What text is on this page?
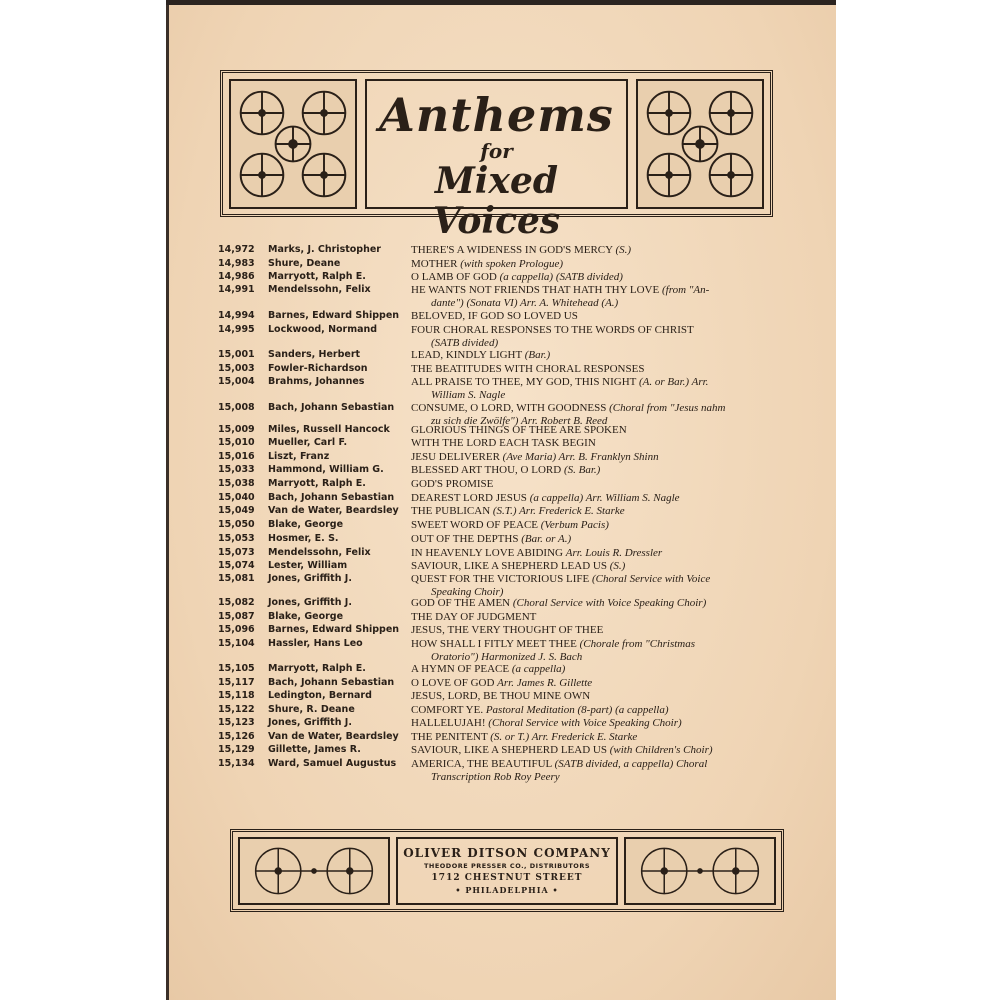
Anthems
for
Mixed Voices
14,972	Marks, J. Christopher	THERE'S A WIDENESS IN GOD'S MERCY (S.)
14,983	Shure, Deane	MOTHER (with spoken Prologue)
14,986	Marryott, Ralph E.	O LAMB OF GOD (a cappella) (SATB divided)
14,991	Mendelssohn, Felix	HE WANTS NOT FRIENDS THAT HATH THY LOVE (from "An-
dante") (Sonata VI) Arr. A. Whitehead (A.)
14,994	Barnes, Edward Shippen	BELOVED, IF GOD SO LOVED US
14,995	Lockwood, Normand	FOUR CHORAL RESPONSES TO THE WORDS OF CHRIST
(SATB divided)
15,001	Sanders, Herbert	LEAD, KINDLY LIGHT (Bar.)
15,003	Fowler-Richardson	THE BEATITUDES WITH CHORAL RESPONSES
15,004	Brahms, Johannes	ALL PRAISE TO THEE, MY GOD, THIS NIGHT (A. or Bar.) Arr.
William S. Nagle
15,008	Bach, Johann Sebastian	CONSUME, O LORD, WITH GOODNESS (Choral from "Jesus nahm
zu sich die Zwölfe") Arr. Robert B. Reed
15,009	Miles, Russell Hancock	GLORIOUS THINGS OF THEE ARE SPOKEN
15,010	Mueller, Carl F.	WITH THE LORD EACH TASK BEGIN
15,016	Liszt, Franz	JESU DELIVERER (Ave Maria) Arr. B. Franklyn Shinn
15,033	Hammond, William G.	BLESSED ART THOU, O LORD (S. Bar.)
15,038	Marryott, Ralph E.	GOD'S PROMISE
15,040	Bach, Johann Sebastian	DEAREST LORD JESUS (a cappella) Arr. William S. Nagle
15,049	Van de Water, Beardsley	THE PUBLICAN (S.T.) Arr. Frederick E. Starke
15,050	Blake, George	SWEET WORD OF PEACE (Verbum Pacis)
15,053	Hosmer, E. S.	OUT OF THE DEPTHS (Bar. or A.)
15,073	Mendelssohn, Felix	IN HEAVENLY LOVE ABIDING Arr. Louis R. Dressler
15,074	Lester, William	SAVIOUR, LIKE A SHEPHERD LEAD US (S.)
15,081	Jones, Griffith J.	QUEST FOR THE VICTORIOUS LIFE (Choral Service with Voice
Speaking Choir)
15,082	Jones, Griffith J.	GOD OF THE AMEN (Choral Service with Voice Speaking Choir)
15,087	Blake, George	THE DAY OF JUDGMENT
15,096	Barnes, Edward Shippen	JESUS, THE VERY THOUGHT OF THEE
15,104	Hassler, Hans Leo	HOW SHALL I FITLY MEET THEE (Chorale from "Christmas
Oratorio") Harmonized J. S. Bach
15,105	Marryott, Ralph E.	A HYMN OF PEACE (a cappella)
15,117	Bach, Johann Sebastian	O LOVE OF GOD Arr. James R. Gillette
15,118	Ledington, Bernard	JESUS, LORD, BE THOU MINE OWN
15,122	Shure, R. Deane	COMFORT YE. Pastoral Meditation (8-part) (a cappella)
15,123	Jones, Griffith J.	HALLELUJAH! (Choral Service with Voice Speaking Choir)
15,126	Van de Water, Beardsley	THE PENITENT (S. or T.) Arr. Frederick E. Starke
15,129	Gillette, James R.	SAVIOUR, LIKE A SHEPHERD LEAD US (with Children's Choir)
15,134	Ward, Samuel Augustus	AMERICA, THE BEAUTIFUL (SATB divided, a cappella) Choral
Transcription Rob Roy Peery
OLIVER DITSON COMPANY
THEODORE PRESSER CO., DISTRIBUTORS
1712 CHESTNUT STREET
• PHILADELPHIA •
